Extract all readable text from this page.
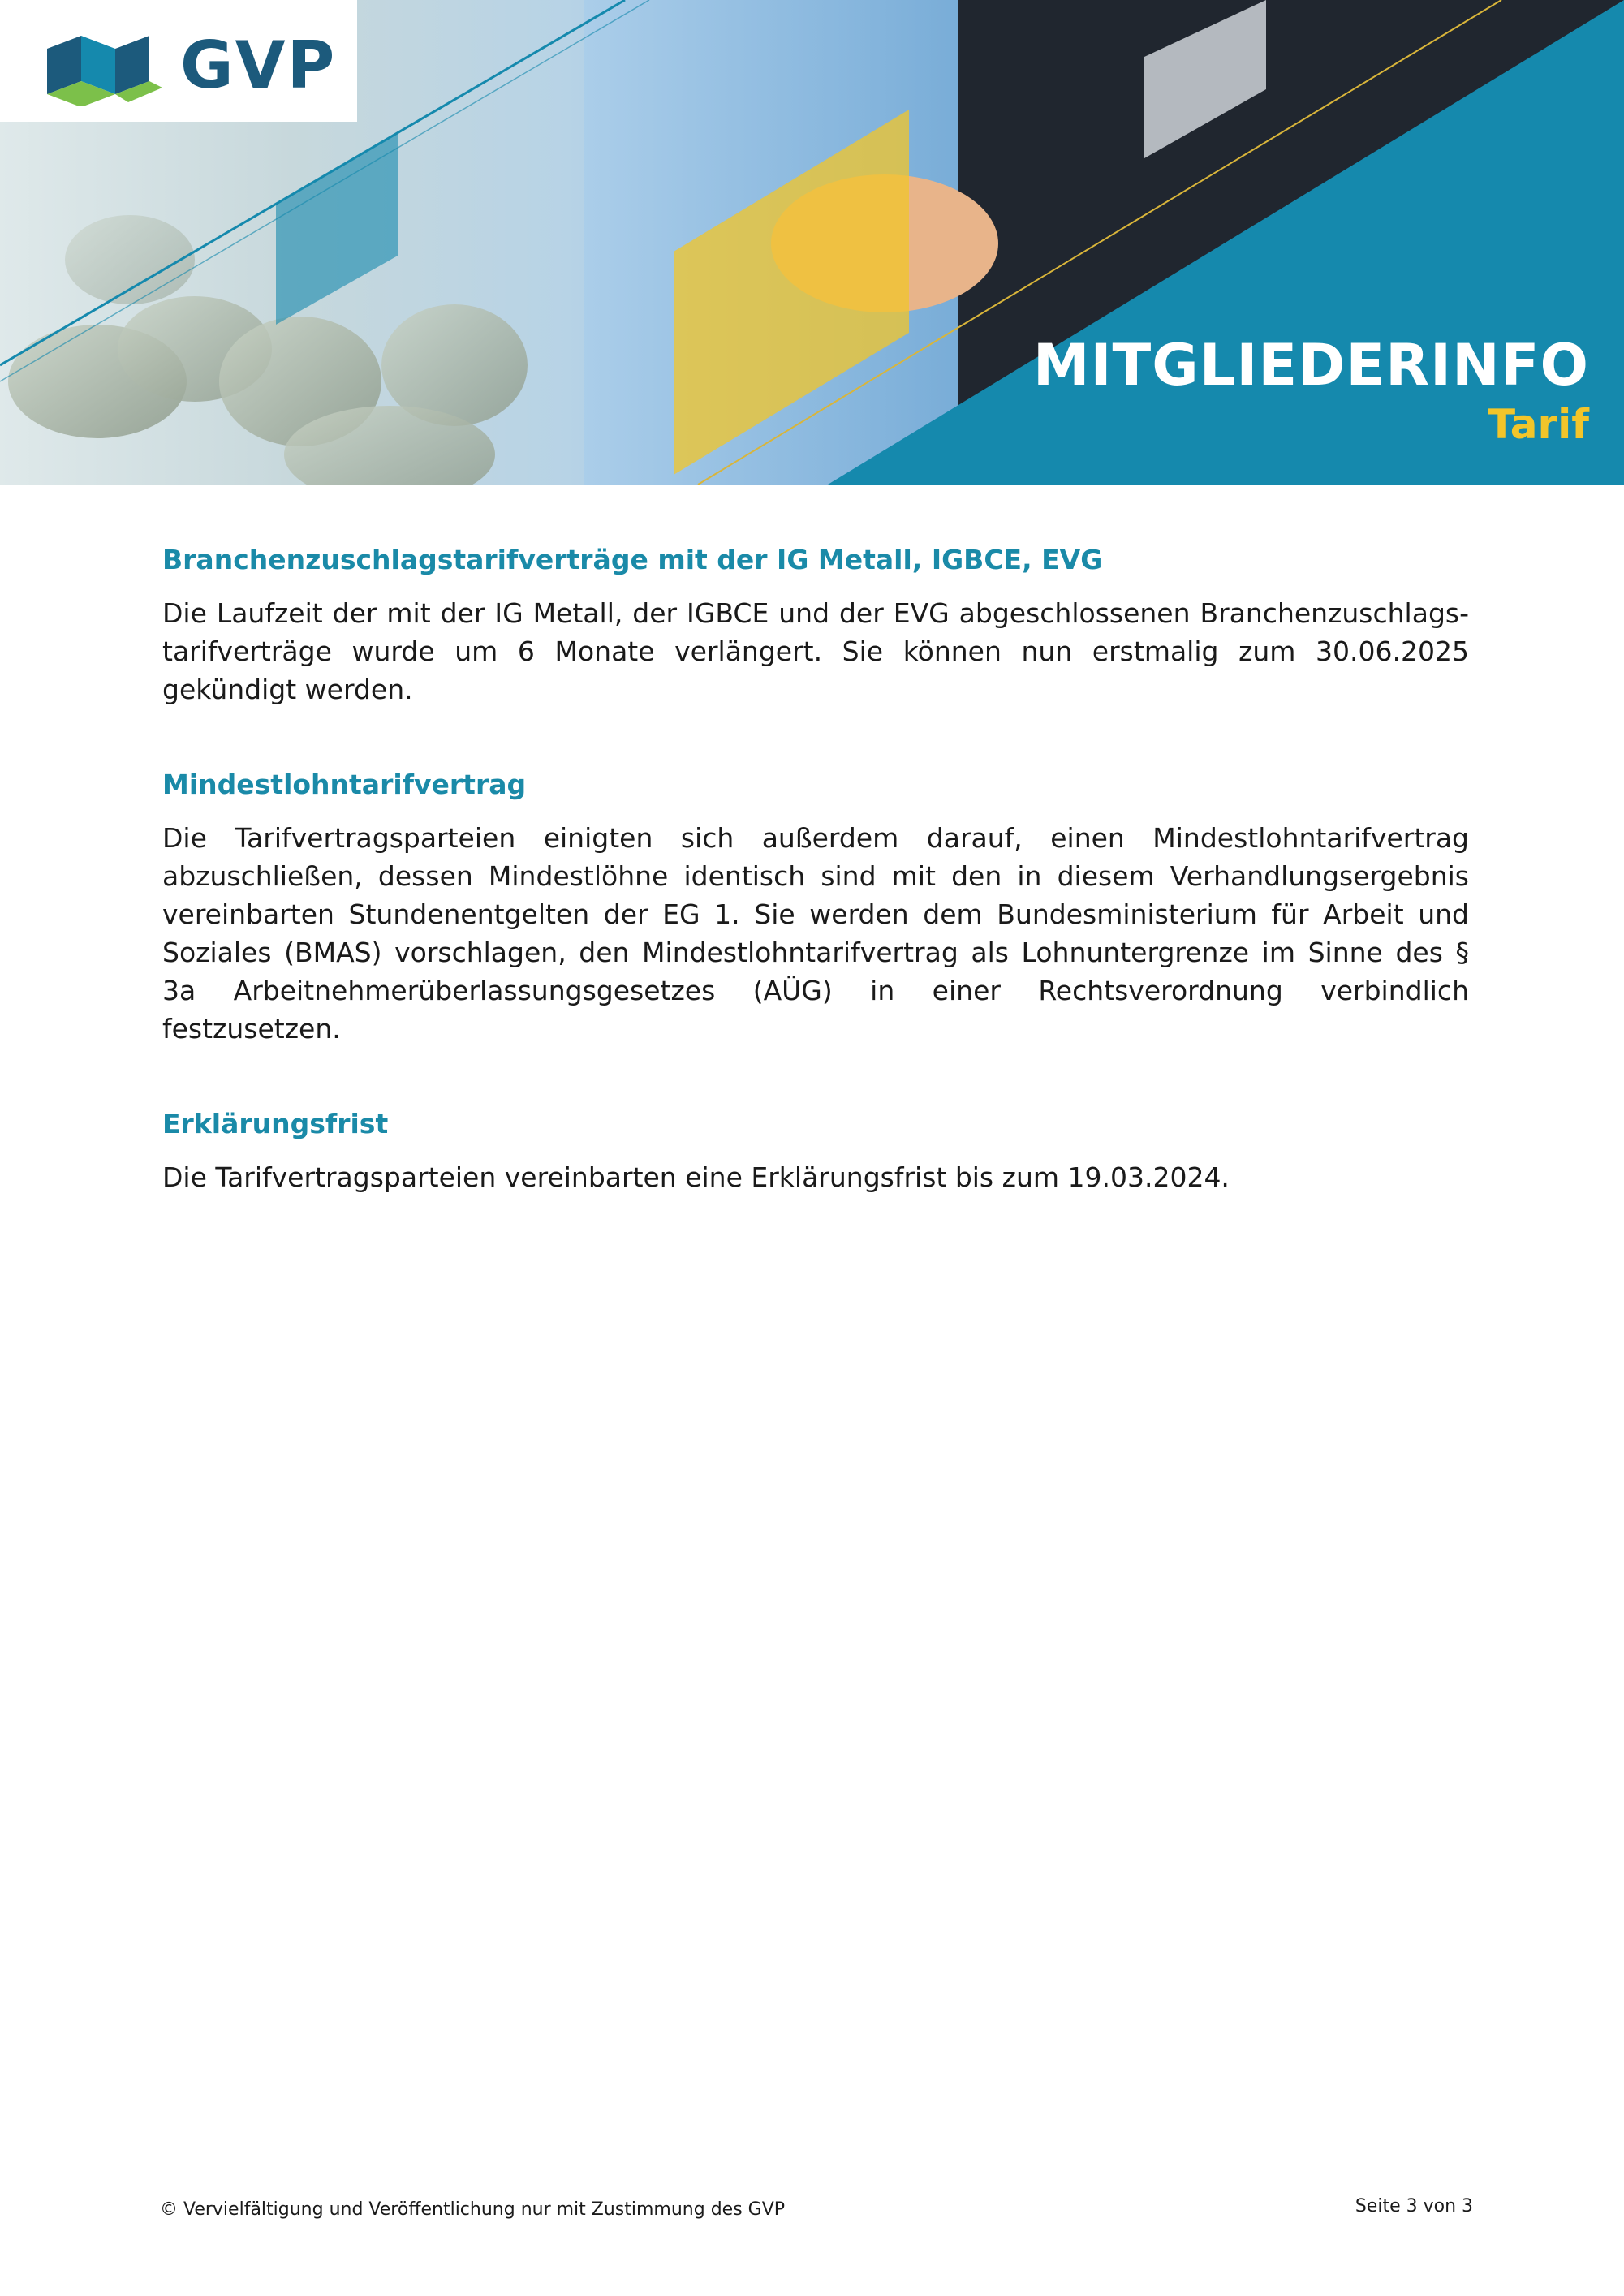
GVP
MITGLIEDERINFO
Tarif
Branchenzuschlagstarifverträge mit der IG Metall, IGBCE, EVG

Die Laufzeit der mit der IG Metall, der IGBCE und der EVG abgeschlossenen Branchenzuschlags-tarifverträge wurde um 6 Monate verlängert. Sie können nun erstmalig zum 30.06.2025 gekündigt werden.

Mindestlohntarifvertrag

Die Tarifvertragsparteien einigten sich außerdem darauf, einen Mindestlohntarifvertrag abzuschließen, dessen Mindestlöhne identisch sind mit den in diesem Verhandlungsergebnis vereinbarten Stundenentgelten der EG 1. Sie werden dem Bundesministerium für Arbeit und Soziales (BMAS) vorschlagen, den Mindestlohntarifvertrag als Lohnuntergrenze im Sinne des § 3a Arbeitnehmerüberlassungsgesetzes (AÜG) in einer Rechtsverordnung verbindlich festzusetzen.

Erklärungsfrist

Die Tarifvertragsparteien vereinbarten eine Erklärungsfrist bis zum 19.03.2024.

© Vervielfältigung und Veröffentlichung nur mit Zustimmung des GVP	Seite 3 von 3
